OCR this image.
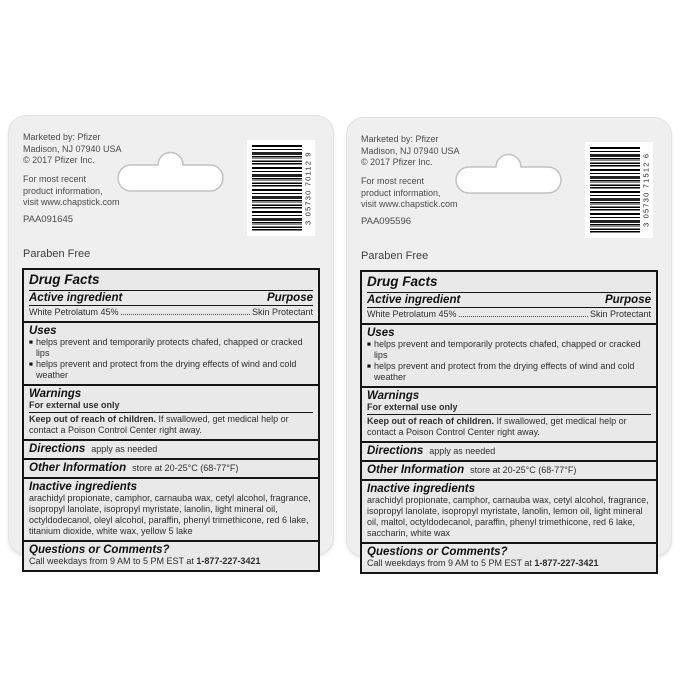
Marketed by: Pfizer
Madison, NJ 07940 USA
© 2017 Pfizer Inc.
For most recent
product information,
visit www.chapstick.com
PAA091645	3 05730 70112 9
Paraben Free
Drug Facts
Active ingredient	Purpose
White Petrolatum 45%	Skin Protectant
Uses
■ helps prevent and temporarily protects chafed, chapped or cracked lips
■ helps prevent and protect from the drying effects of wind and cold weather
Warnings
For external use only
Keep out of reach of children. If swallowed, get medical help or contact a Poison Control Center right away.
Directions apply as needed
Other Information store at 20-25°C (68-77°F)
Inactive ingredients
arachidyl propionate, camphor, carnauba wax, cetyl alcohol, fragrance, isopropyl lanolate, isopropyl myristate, lanolin, light mineral oil, octyldodecanol, oleyl alcohol, paraffin, phenyl trimethicone, red 6 lake, titanium dioxide, white wax, yellow 5 lake
Questions or Comments?
Call weekdays from 9 AM to 5 PM EST at 1-877-227-3421
Marketed by: Pfizer
Madison, NJ 07940 USA
© 2017 Pfizer Inc.
For most recent
product information,
visit www.chapstick.com
PAA095596	3 05730 71512 6
Paraben Free
Drug Facts
Active ingredient	Purpose
White Petrolatum 45%	Skin Protectant
Uses
■ helps prevent and temporarily protects chafed, chapped or cracked lips
■ helps prevent and protect from the drying effects of wind and cold weather
Warnings
For external use only
Keep out of reach of children. If swallowed, get medical help or contact a Poison Control Center right away.
Directions apply as needed
Other Information store at 20-25°C (68-77°F)
Inactive ingredients
arachidyl propionate, camphor, carnauba wax, cetyl alcohol, fragrance, isopropyl lanolate, isopropyl myristate, lanolin, lemon oil, light mineral oil, maltol, octyldodecanol, paraffin, phenyl trimethicone, red 6 lake, saccharin, white wax
Questions or Comments?
Call weekdays from 9 AM to 5 PM EST at 1-877-227-3421
